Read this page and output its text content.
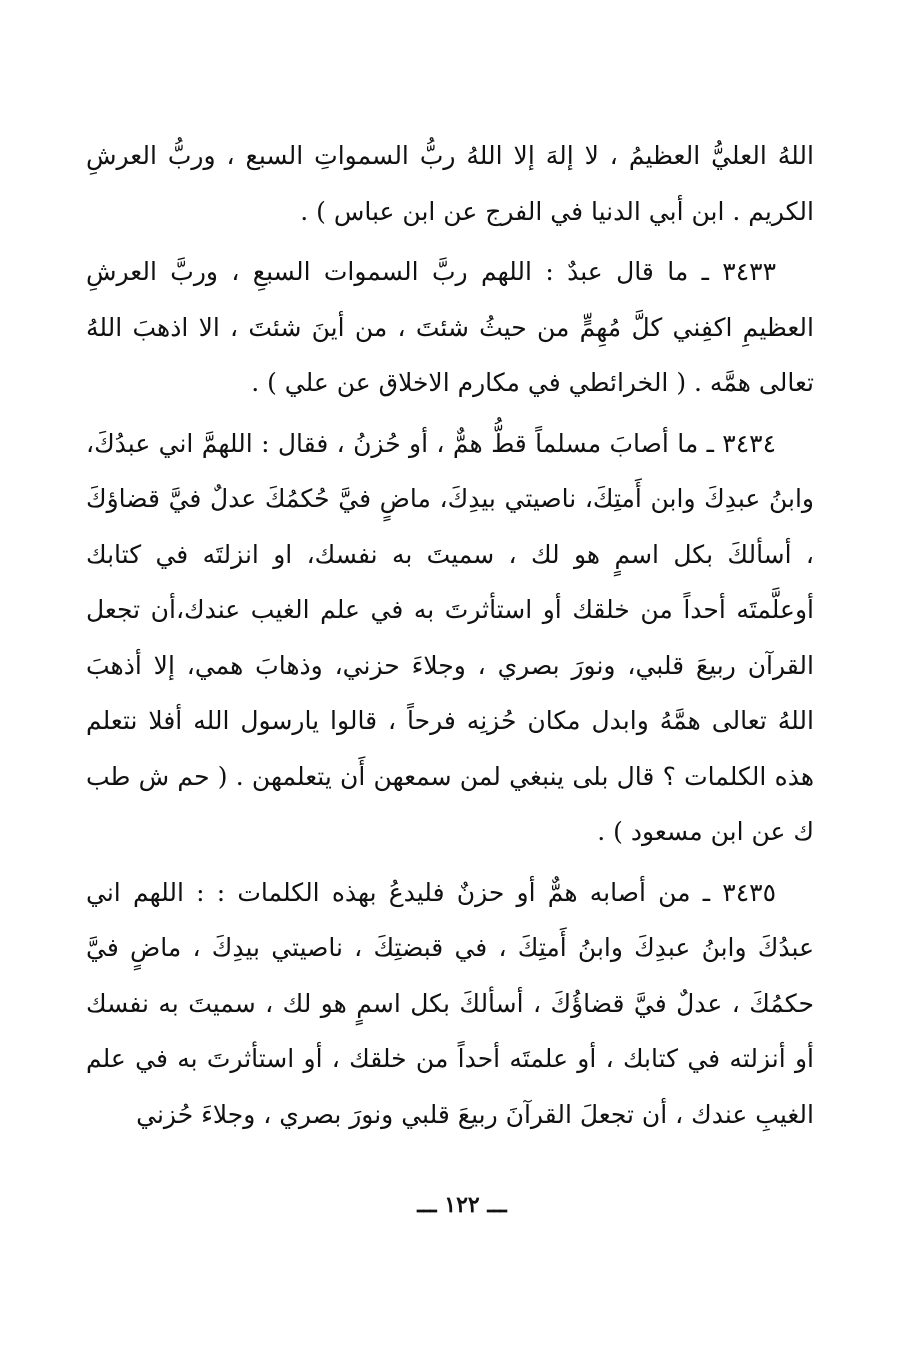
اللهُ العليُّ العظيمُ ، لا إلهَ إلا اللهُ ربُّ السمواتِ السبع ، وربُّ العرشِ الكريم . ابن أبي الدنيا في الفرج عن ابن عباس ) .

٣٤٣٣ ـ ما قال عبدٌ : اللهم ربَّ السموات السبعِ ، وربَّ العرشِ العظيمِ اكفِني كلَّ مُهِمٍّ من حيثُ شئتَ ، من أينَ شئتَ ، الا اذهبَ اللهُ تعالى همَّه . ( الخرائطي في مكارم الاخلاق عن علي ) .

٣٤٣٤ ـ ما أصابَ مسلماً قطُّ همٌّ ، أو حُزنُ ، فقال : اللهمَّ اني عبدُكَ، وابنُ عبدِكَ وابن أَمتِكَ، ناصيتي بيدِكَ، ماضٍ فيَّ حُكمُكَ عدلٌ فيَّ قضاؤكَ ، أسألكَ بكل اسمٍ هو لك ، سميتَ به نفسك، او انزلتَه في كتابك أوعلَّمتَه أحداً من خلقك أو استأثرتَ به في علم الغيب عندك،أن تجعل القرآن ربيعَ قلبي، ونورَ بصري ، وجلاءَ حزني، وذهابَ همي، إلا أذهبَ اللهُ تعالى همَّهُ وابدل مكان حُزنِه فرحاً ، قالوا يارسول الله أفلا نتعلم هذه الكلمات ؟ قال بلى ينبغي لمن سمعهن أَن يتعلمهن . ( حم ش طب ك عن ابن مسعود ) .

٣٤٣٥ ـ من أصابه همٌّ أو حزنٌ فليدعُ بهذه الكلمات : : اللهم اني عبدُكَ وابنُ عبدِكَ وابنُ أَمتِكَ ، في قبضتِكَ ، ناصيتي بيدِكَ ، ماضٍ فيَّ حكمُكَ ، عدلٌ فيَّ قضاؤُكَ ، أسألكَ بكل اسمٍ هو لك ، سميتَ به نفسك أو أنزلته في كتابك ، أو علمتَه أحداً من خلقك ، أو استأثرتَ به في علم الغيبِ عندك ، أن تجعلَ القرآنَ ربيعَ قلبي ونورَ بصري ، وجلاءَ حُزني

ـــ ١٢٢ ـــ
